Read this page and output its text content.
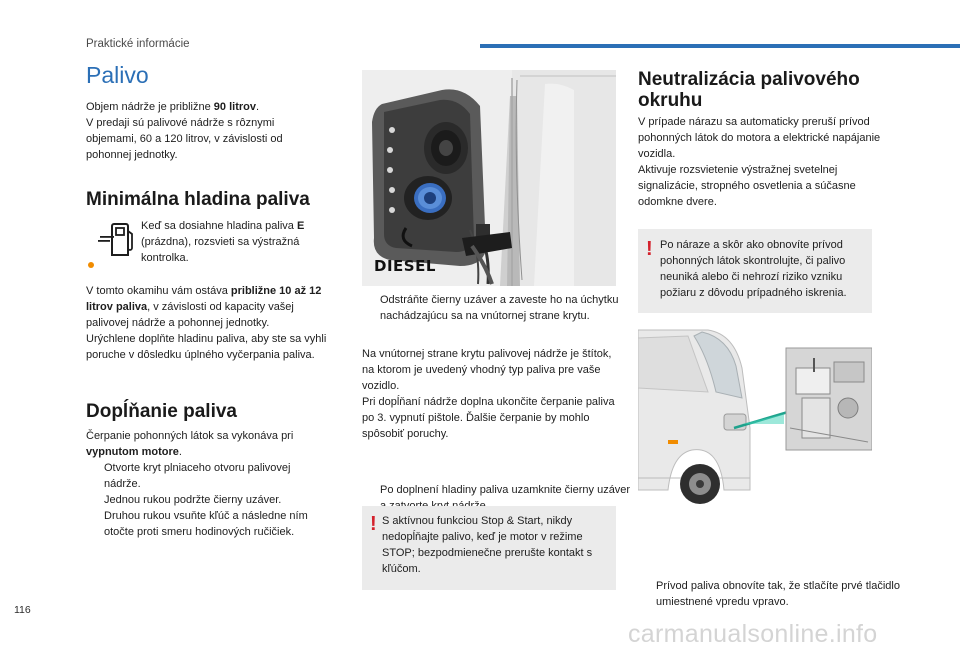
Praktické informácie
Palivo

Objem nádrže je približne 90 litrov.
V predaji sú palivové nádrže s rôznymi objemami, 60 a 120 litrov, v závislosti od pohonnej jednotky.

Minimálna hladina paliva

Keď sa dosiahne hladina paliva E (prázdna), rozsvieti sa výstražná kontrolka.

V tomto okamihu vám ostáva približne 10 až 12 litrov paliva, v závislosti od kapacity vašej palivovej nádrže a pohonnej jednotky.
Urýchlene doplňte hladinu paliva, aby ste sa vyhli poruche v dôsledku úplného vyčerpania paliva.

Dopĺňanie paliva

Čerpanie pohonných látok sa vykonáva pri vypnutom motore.

Otvorte kryt plniaceho otvoru palivovej nádrže.
Jednou rukou podržte čierny uzáver.
Druhou rukou vsuňte kľúč a následne ním otočte proti smeru hodinových ručičiek.
DIESEL
Odstráňte čierny uzáver a zaveste ho na úchytku nachádzajúcu sa na vnútornej strane krytu.

Na vnútornej strane krytu palivovej nádrže je štítok, na ktorom je uvedený vhodný typ paliva pre vaše vozidlo.
Pri dopĺňaní nádrže doplna ukončite čerpanie paliva po 3. vypnutí pištole. Ďalšie čerpanie by mohlo spôsobiť poruchy.

Po doplnení hladiny paliva uzamknite čierny uzáver
! S aktívnou funkciou Stop & Start, nikdy nedopĺňajte palivo, keď je motor v režime STOP; bezpodmienečne prerušte kontakt s kľúčom.
Neutralizácia palivového okruhu

V prípade nárazu sa automaticky preruší prívod pohonných látok do motora a elektrické napájanie vozidla.
Aktivuje rozsvietenie výstražnej svetelnej signalizácie, stropného osvetlenia a súčasne odomkne dvere.

! Po náraze a skôr ako obnovíte prívod pohonných látok skontrolujte, či palivo neuniká alebo či nehrozí riziko vzniku požiaru z dôvodu prípadného iskrenia.
Prívod paliva obnovíte tak, že stlačíte prvé tlačidlo umiestnené vpredu vpravo.
116
carmanualsonline.info
